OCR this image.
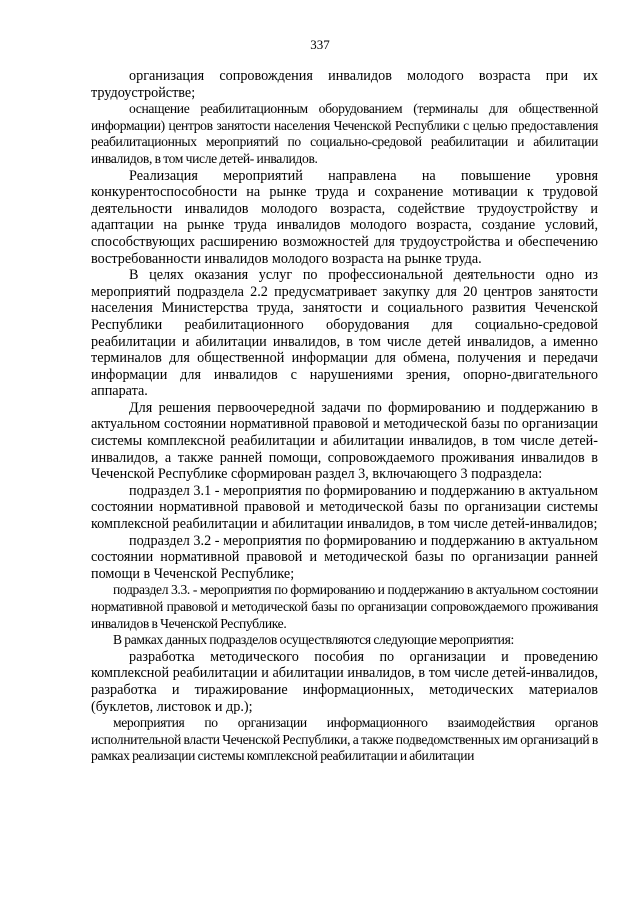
337

организация сопровождения инвалидов молодого возраста при их трудоустройстве;

оснащение реабилитационным оборудованием (терминалы для общественной информации) центров занятости населения Чеченской Республики с целью предоставления реабилитационных мероприятий по социально-средовой реабилитации и абилитации инвалидов, в том числе детей- инвалидов.

Реализация мероприятий направлена на повышение уровня конкурентоспособности на рынке труда и сохранение мотивации к трудовой деятельности инвалидов молодого возраста, содействие трудоустройству и адаптации на рынке труда инвалидов молодого возраста, создание условий, способствующих расширению возможностей для трудоустройства и обеспечению востребованности инвалидов молодого возраста на рынке труда.

В целях оказания услуг по профессиональной деятельности одно из мероприятий подраздела 2.2 предусматривает закупку для 20 центров занятости населения Министерства труда, занятости и социального развития Чеченской Республики реабилитационного оборудования для социально-средовой реабилитации и абилитации инвалидов, в том числе детей инвалидов, а именно терминалов для общественной информации для обмена, получения и передачи информации для инвалидов с нарушениями зрения, опорно-двигательного аппарата.

Для решения первоочередной задачи по формированию и поддержанию в актуальном состоянии нормативной правовой и методической базы по организации системы комплексной реабилитации и абилитации инвалидов, в том числе детей-инвалидов, а также ранней помощи, сопровождаемого проживания инвалидов в Чеченской Республике сформирован раздел 3, включающего 3 подраздела:

подраздел 3.1 - мероприятия по формированию и поддержанию в актуальном состоянии нормативной правовой и методической базы по организации системы комплексной реабилитации и абилитации инвалидов, в том числе детей-инвалидов;

подраздел 3.2 - мероприятия по формированию и поддержанию в актуальном состоянии нормативной правовой и методической базы по организации ранней помощи в Чеченской Республике;

подраздел 3.3. - мероприятия по формированию и поддержанию в актуальном состоянии нормативной правовой и методической базы по организации сопровождаемого проживания инвалидов в Чеченской Республике.

В рамках данных подразделов осуществляются следующие мероприятия:

разработка методического пособия по организации и проведению комплексной реабилитации и абилитации инвалидов, в том числе детей-инвалидов, разработка и тиражирование информационных, методических материалов (буклетов, листовок и др.);

мероприятия по организации информационного взаимодействия органов исполнительной власти Чеченской Республики, а также подведомственных им организаций в рамках реализации системы комплексной реабилитации и абилитации
